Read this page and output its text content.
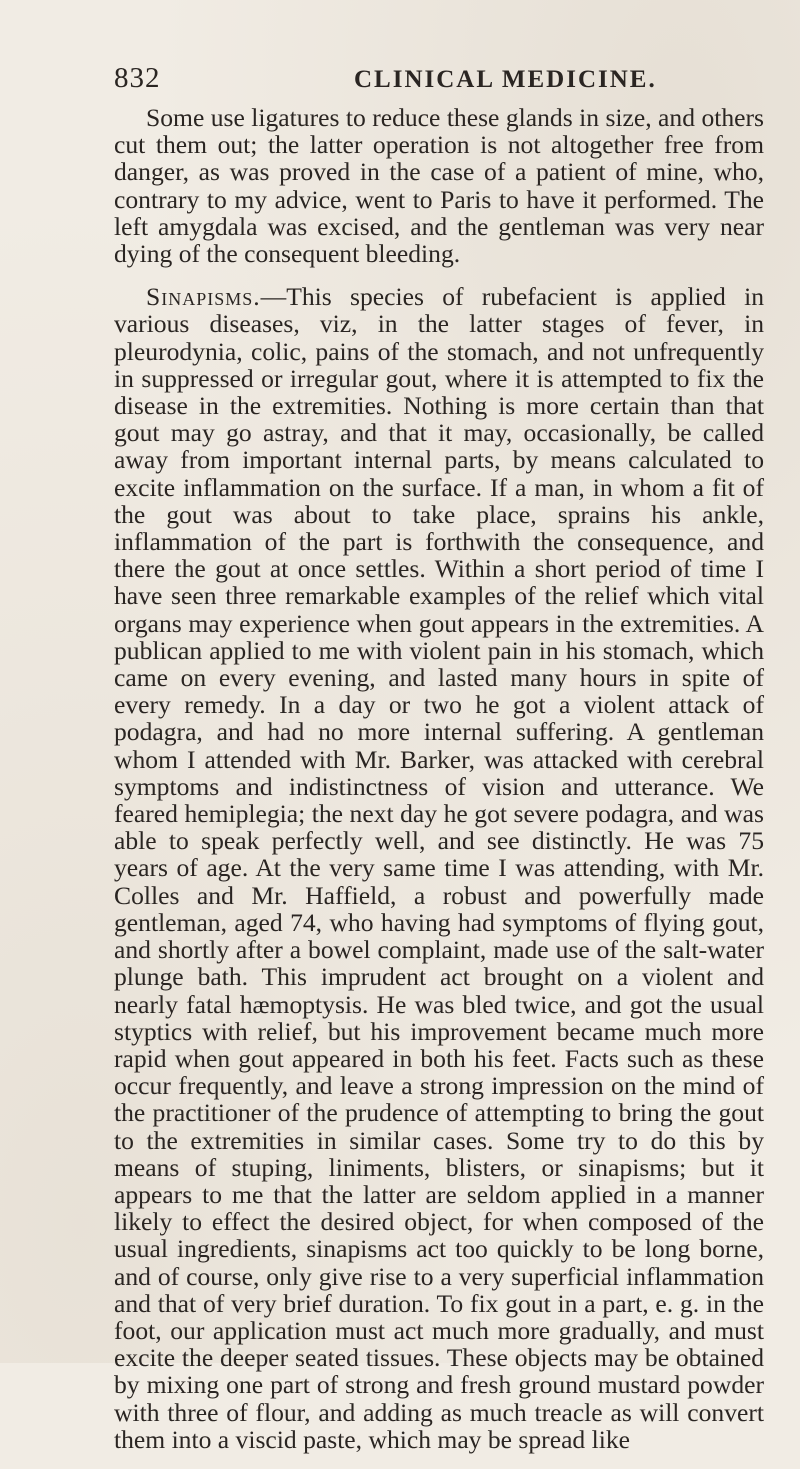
832	CLINICAL MEDICINE.

Some use ligatures to reduce these glands in size, and others cut them out; the latter operation is not altogether free from danger, as was proved in the case of a patient of mine, who, contrary to my advice, went to Paris to have it performed. The left amygdala was excised, and the gentleman was very near dying of the consequent bleeding.

Sinapisms.—This species of rubefacient is applied in various diseases, viz, in the latter stages of fever, in pleurodynia, colic, pains of the stomach, and not unfrequently in suppressed or irregular gout, where it is attempted to fix the disease in the extremities. Nothing is more certain than that gout may go astray, and that it may, occasionally, be called away from important internal parts, by means calculated to excite inflammation on the surface. If a man, in whom a fit of the gout was about to take place, sprains his ankle, inflammation of the part is forthwith the consequence, and there the gout at once settles. Within a short period of time I have seen three remarkable examples of the relief which vital organs may experience when gout appears in the extremities. A publican applied to me with violent pain in his stomach, which came on every evening, and lasted many hours in spite of every remedy. In a day or two he got a violent attack of podagra, and had no more internal suffering. A gentleman whom I attended with Mr. Barker, was attacked with cerebral symptoms and indistinctness of vision and utterance. We feared hemiplegia; the next day he got severe podagra, and was able to speak perfectly well, and see distinctly. He was 75 years of age. At the very same time I was attending, with Mr. Colles and Mr. Haffield, a robust and powerfully made gentleman, aged 74, who having had symptoms of flying gout, and shortly after a bowel complaint, made use of the salt-water plunge bath. This imprudent act brought on a violent and nearly fatal hæmoptysis. He was bled twice, and got the usual styptics with relief, but his improvement became much more rapid when gout appeared in both his feet. Facts such as these occur frequently, and leave a strong impression on the mind of the practitioner of the prudence of attempting to bring the gout to the extremities in similar cases. Some try to do this by means of stuping, liniments, blisters, or sinapisms; but it appears to me that the latter are seldom applied in a manner likely to effect the desired object, for when composed of the usual ingredients, sinapisms act too quickly to be long borne, and of course, only give rise to a very superficial inflammation and that of very brief duration. To fix gout in a part, e. g. in the foot, our application must act much more gradually, and must excite the deeper seated tissues. These objects may be obtained by mixing one part of strong and fresh ground mustard powder with three of flour, and adding as much treacle as will convert them into a viscid paste, which may be spread like
